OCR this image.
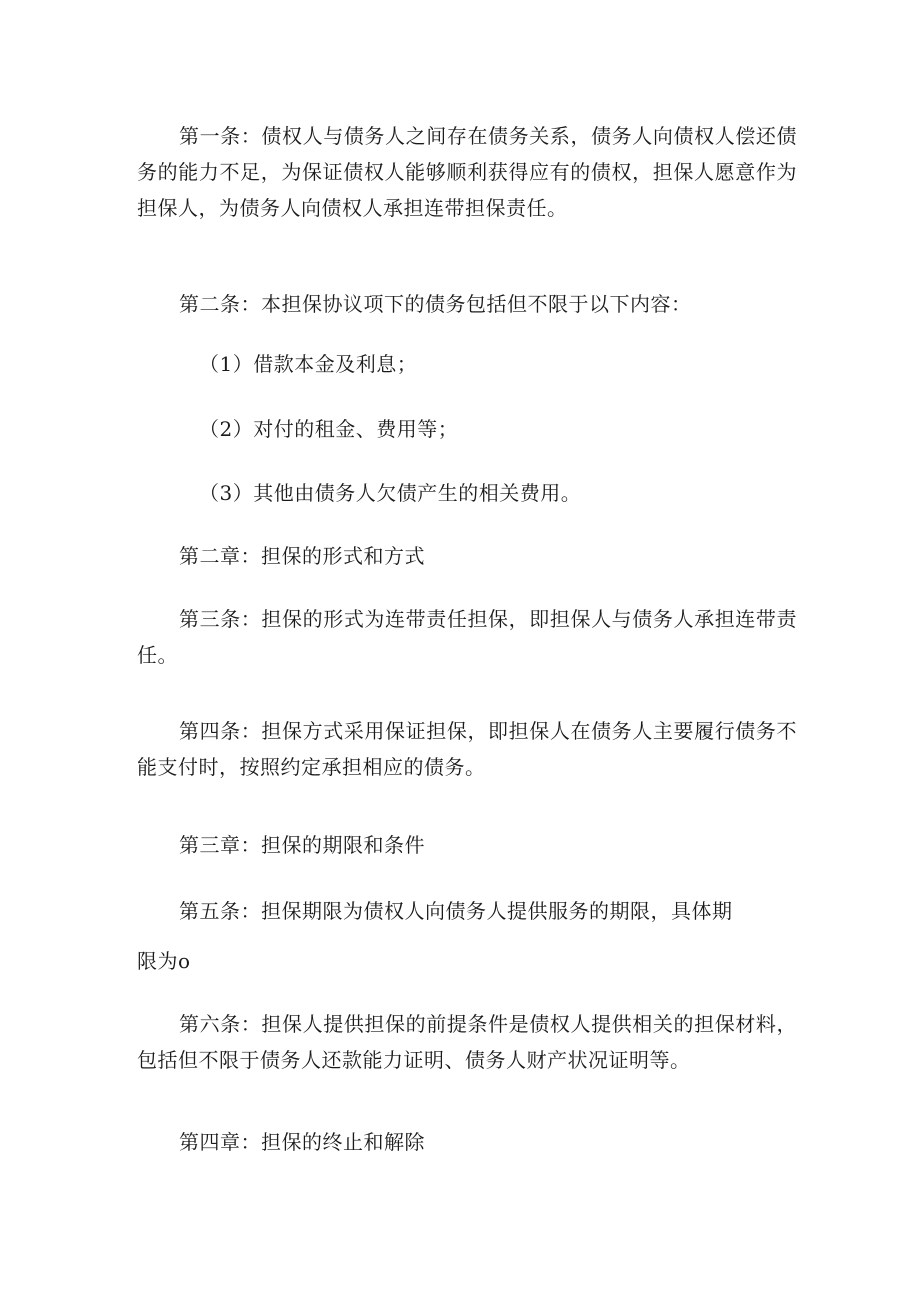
第一条：债权人与债务人之间存在债务关系，债务人向债权人偿还债务的能力不足，为保证债权人能够顺利获得应有的债权，担保人愿意作为担保人，为债务人向债权人承担连带担保责任。

第二条：本担保协议项下的债务包括但不限于以下内容：

（1）借款本金及利息；

（2）对付的租金、费用等；

（3）其他由债务人欠债产生的相关费用。

第二章：担保的形式和方式

第三条：担保的形式为连带责任担保，即担保人与债务人承担连带责任。

第四条：担保方式采用保证担保，即担保人在债务人主要履行债务不能支付时，按照约定承担相应的债务。

第三章：担保的期限和条件

第五条：担保期限为债权人向债务人提供服务的期限，具体期
限为o

第六条：担保人提供担保的前提条件是债权人提供相关的担保材料，包括但不限于债务人还款能力证明、债务人财产状况证明等。

第四章：担保的终止和解除
